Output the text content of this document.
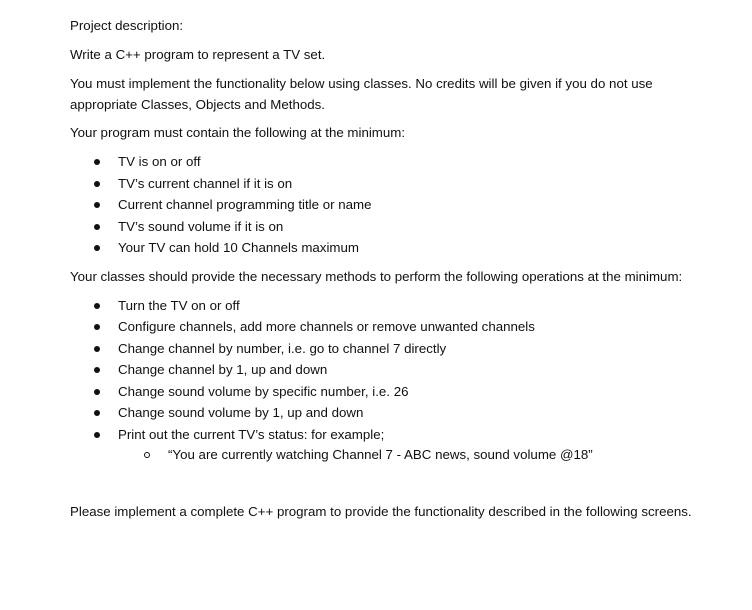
Project description:
Write a C++ program to represent a TV set.
You must implement the functionality below using classes. No credits will be given if you do not use appropriate Classes, Objects and Methods.
Your program must contain the following at the minimum:
TV is on or off
TV’s current channel if it is on
Current channel programming title or name
TV’s sound volume if it is on
Your TV can hold 10 Channels maximum
Your classes should provide the necessary methods to perform the following operations at the minimum:
Turn the TV on or off
Configure channels, add more channels or remove unwanted channels
Change channel by number, i.e. go to channel 7 directly
Change channel by 1, up and down
Change sound volume by specific number, i.e. 26
Change sound volume by 1, up and down
Print out the current TV’s status: for example;
“You are currently watching Channel 7 - ABC news, sound volume @18”
Please implement a complete C++ program to provide the functionality described in the following screens.
